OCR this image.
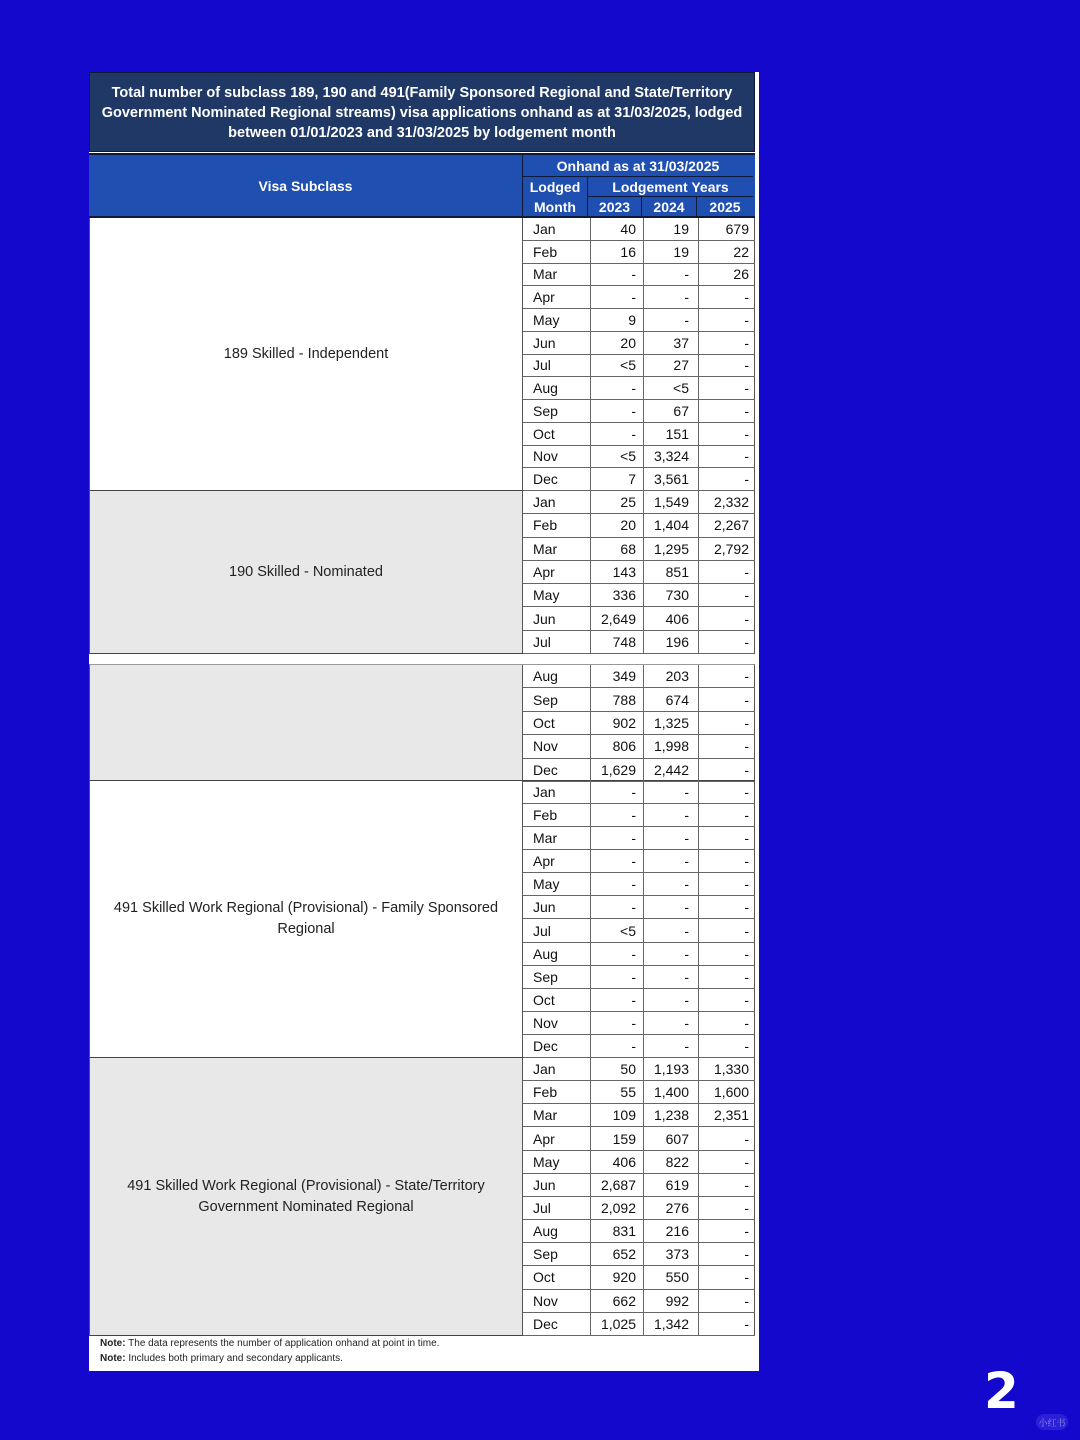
Total number of subclass 189, 190 and 491(Family Sponsored Regional and State/Territory Government Nominated Regional streams) visa applications onhand as at 31/03/2025, lodged between 01/01/2023 and 31/03/2025 by lodgement month
Visa Subclass
Onhand as at 31/03/2025
Lodged
Month
Lodgement Years
2023	2024	2025
189 Skilled - Independent
Jan	40	19	679
Feb	16	19	22
Mar	-	-	26
Apr	-	-	-
May	9	-	-
Jun	20	37	-
Jul	<5	27	-
Aug	-	<5	-
Sep	-	67	-
Oct	-	151	-
Nov	<5	3,324	-
Dec	7	3,561	-
190 Skilled - Nominated
Jan	25	1,549	2,332
Feb	20	1,404	2,267
Mar	68	1,295	2,792
Apr	143	851	-
May	336	730	-
Jun	2,649	406	-
Jul	748	196	-
Aug	349	203	-
Sep	788	674	-
Oct	902	1,325	-
Nov	806	1,998	-
Dec	1,629	2,442	-
491 Skilled Work Regional (Provisional) - Family Sponsored Regional
Jan	-	-	-
Feb	-	-	-
Mar	-	-	-
Apr	-	-	-
May	-	-	-
Jun	-	-	-
Jul	<5	-	-
Aug	-	-	-
Sep	-	-	-
Oct	-	-	-
Nov	-	-	-
Dec	-	-	-
491 Skilled Work Regional (Provisional) - State/Territory Government Nominated Regional
Jan	50	1,193	1,330
Feb	55	1,400	1,600
Mar	109	1,238	2,351
Apr	159	607	-
May	406	822	-
Jun	2,687	619	-
Jul	2,092	276	-
Aug	831	216	-
Sep	652	373	-
Oct	920	550	-
Nov	662	992	-
Dec	1,025	1,342	-
Note: The data represents the number of application onhand at point in time.
Note: Includes both primary and secondary applicants.
2
小红书
